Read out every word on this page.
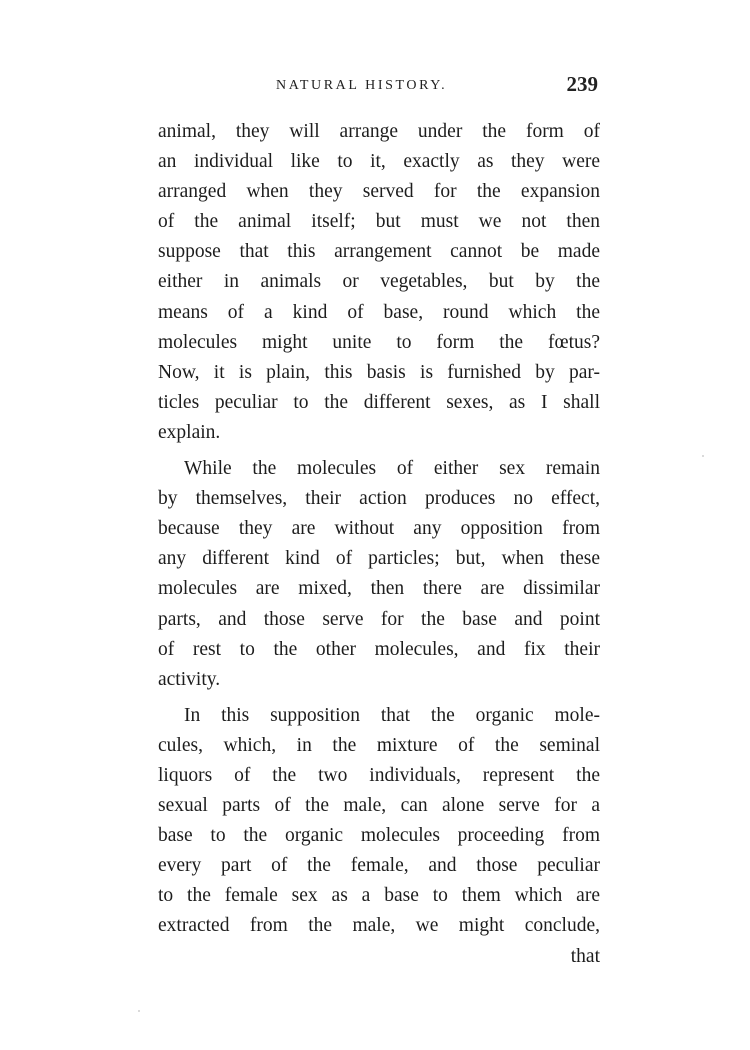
NATURAL HISTORY.	239
animal, they will arrange under the form of
an individual like to it, exactly as they were
arranged when they served for the expansion
of the animal itself; but must we not then
suppose that this arrangement cannot be made
either in animals or vegetables, but by the
means of a kind of base, round which the
molecules might unite to form the fœtus?
Now, it is plain, this basis is furnished by par-
ticles peculiar to the different sexes, as I shall
explain.
While the molecules of either sex remain
by themselves, their action produces no effect,
because they are without any opposition from
any different kind of particles; but, when these
molecules are mixed, then there are dissimilar
parts, and those serve for the base and point
of rest to the other molecules, and fix their
activity.
In this supposition that the organic mole-
cules, which, in the mixture of the seminal
liquors of the two individuals, represent the
sexual parts of the male, can alone serve for a
base to the organic molecules proceeding from
every part of the female, and those peculiar
to the female sex as a base to them which are
extracted from the male, we might conclude,
that
